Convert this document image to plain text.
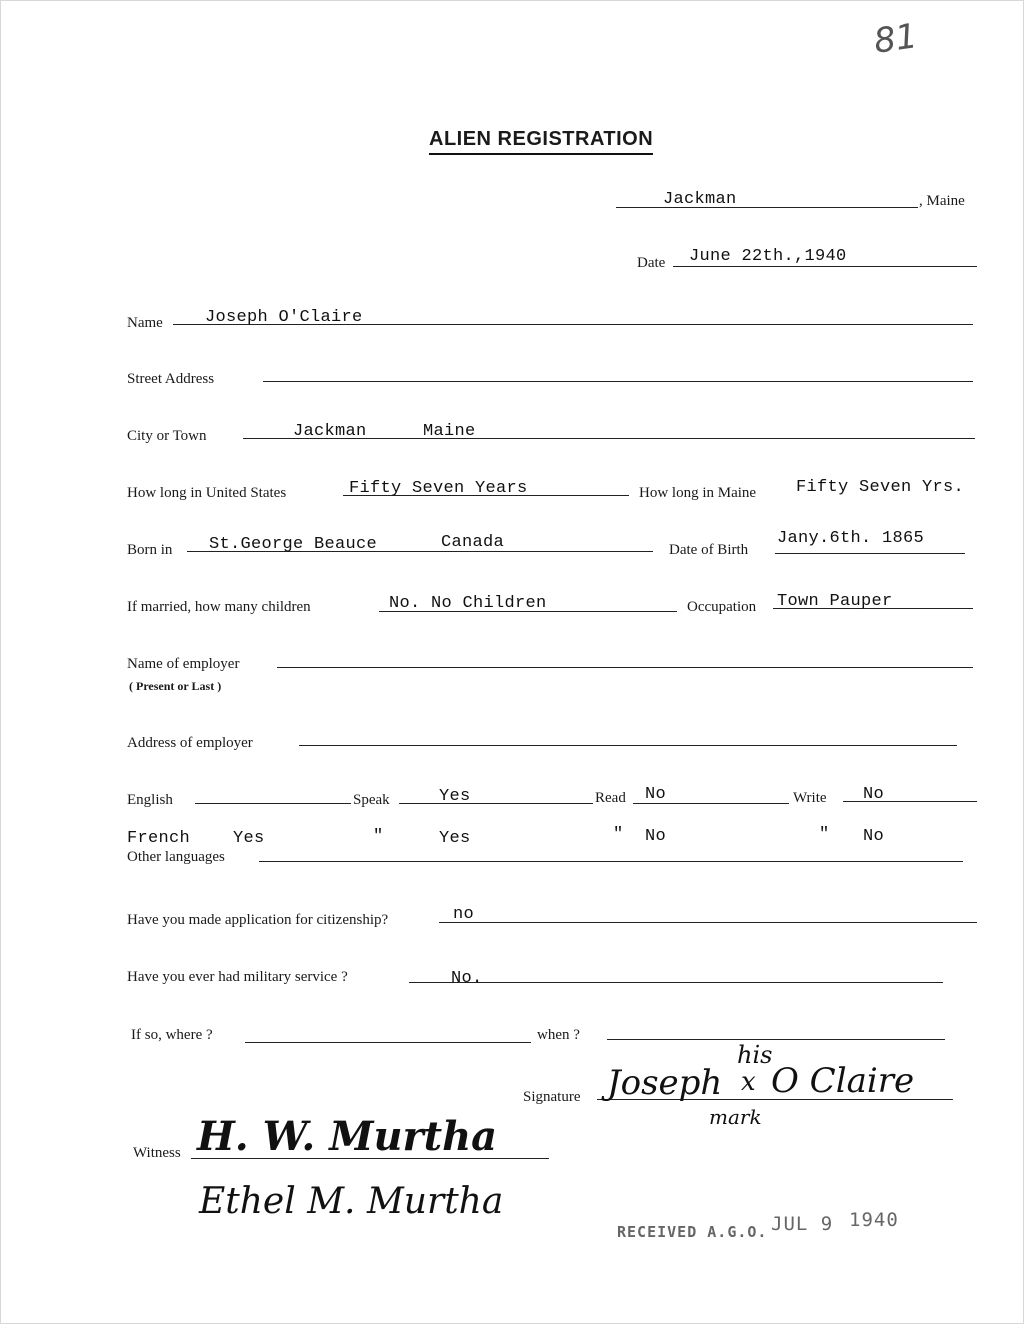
81
ALIEN REGISTRATION
Jackman	, Maine
Date June 22th.,1940
Name Joseph O'Claire
Street Address
City or Town	Jackman	Maine
How long in United States	Fifty Seven Years	How long in Maine Fifty Seven Yrs.
Born in St.George Beauce	Canada	Date of Birth
Jany.6th. 1865
If married, how many children	No. No Children	Occupation Town Pauper
Name of employer
( Present or Last )
Address of employer
English	Speak	Yes	Read No	Write No
French	Yes	"	Yes	" No	" No
Other languages
Have you made application for citizenship?	no
Have you ever had military service ?	No.
If so, where ?	when ?
Signature
his
Joseph x O Claire
mark
Witness H. W. Murtha
Ethel M. Murtha
RECEIVED A.G.O. JUL 9 1940
